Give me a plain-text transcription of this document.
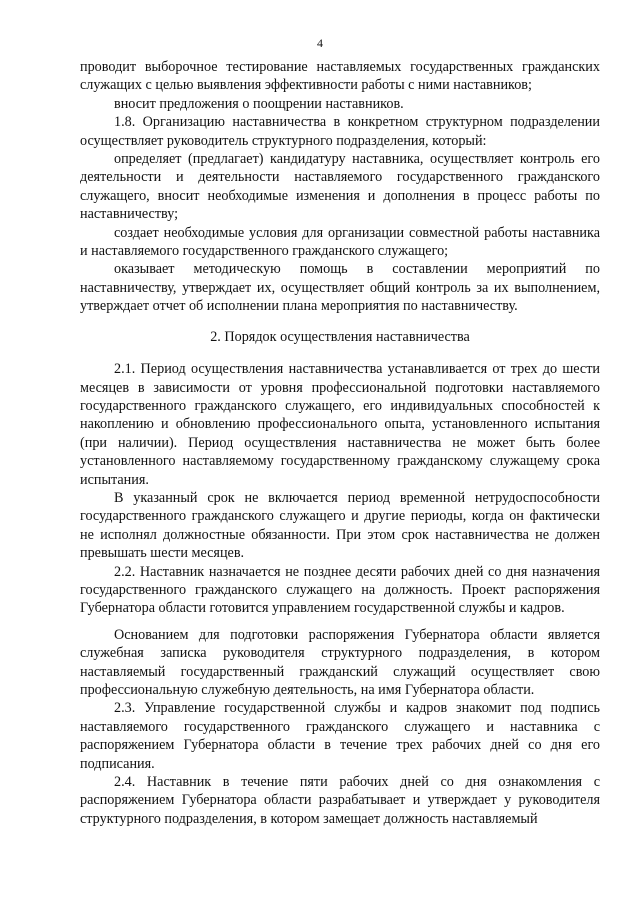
4

проводит выборочное тестирование наставляемых государственных гражданских служащих с целью выявления эффективности работы с ними наставников;

вносит предложения о поощрении наставников.

1.8. Организацию наставничества в конкретном структурном подразделении осуществляет руководитель структурного подразделения, который:

определяет (предлагает) кандидатуру наставника, осуществляет контроль его деятельности и деятельности наставляемого государственного гражданского служащего, вносит необходимые изменения и дополнения в процесс работы по наставничеству;

создает необходимые условия для организации совместной работы наставника и наставляемого государственного гражданского служащего;

оказывает методическую помощь в составлении мероприятий по наставничеству, утверждает их, осуществляет общий контроль за их выполнением, утверждает отчет об исполнении плана мероприятия по наставничеству.

2. Порядок осуществления наставничества

2.1. Период осуществления наставничества устанавливается от трех до шести месяцев в зависимости от уровня профессиональной подготовки наставляемого государственного гражданского служащего, его индивидуальных способностей к накоплению и обновлению профессионального опыта, установленного испытания (при наличии). Период осуществления наставничества не может быть более установленного наставляемому государственному гражданскому служащему срока испытания.

В указанный срок не включается период временной нетрудоспособности государственного гражданского служащего и другие периоды, когда он фактически не исполнял должностные обязанности. При этом срок наставничества не должен превышать шести месяцев.

2.2. Наставник назначается не позднее десяти рабочих дней со дня назначения государственного гражданского служащего на должность. Проект распоряжения Губернатора области готовится управлением государственной службы и кадров.

Основанием для подготовки распоряжения Губернатора области является служебная записка руководителя структурного подразделения, в котором наставляемый государственный гражданский служащий осуществляет свою профессиональную служебную деятельность, на имя Губернатора области.

2.3. Управление государственной службы и кадров знакомит под подпись наставляемого государственного гражданского служащего и наставника с распоряжением Губернатора области в течение трех рабочих дней со дня его подписания.

2.4. Наставник в течение пяти рабочих дней со дня ознакомления с распоряжением Губернатора области разрабатывает и утверждает у руководителя структурного подразделения, в котором замещает должность наставляемый
